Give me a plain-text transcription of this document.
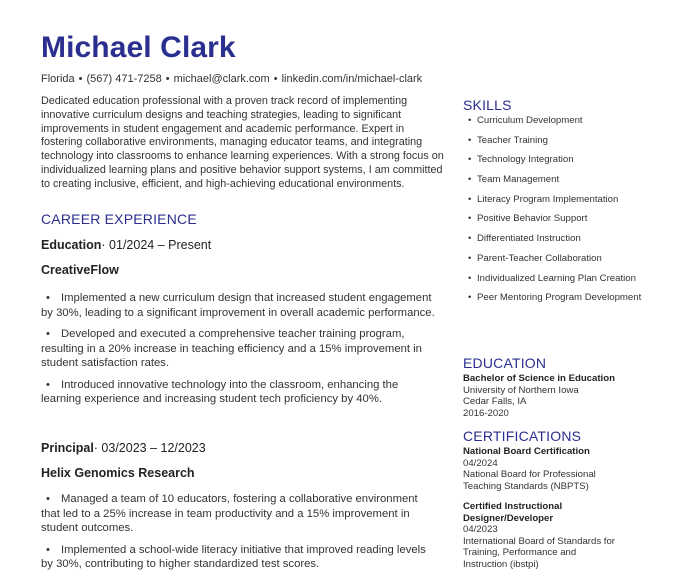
Michael Clark
Florida • (567) 471-7258 • michael@clark.com • linkedin.com/in/michael-clark

Dedicated education professional with a proven track record of implementing innovative curriculum designs and teaching strategies, leading to significant improvements in student engagement and academic performance. Expert in fostering collaborative environments, managing educator teams, and integrating technology into classrooms to enhance learning experiences. With a strong focus on individualized learning plans and positive behavior support systems, I am committed to creating inclusive, efficient, and high-achieving educational environments.

CAREER EXPERIENCE

Education· 01/2024 – Present

CreativeFlow

• Implemented a new curriculum design that increased student engagement by 30%, leading to a significant improvement in overall academic performance.
• Developed and executed a comprehensive teacher training program, resulting in a 20% increase in teaching efficiency and a 15% improvement in student satisfaction rates.
• Introduced innovative technology into the classroom, enhancing the learning experience and increasing student tech proficiency by 40%.

Principal· 03/2023 – 12/2023

Helix Genomics Research

• Managed a team of 10 educators, fostering a collaborative environment that led to a 25% increase in team productivity and a 15% improvement in student outcomes.
• Implemented a school-wide literacy initiative that improved reading levels by 30%, contributing to higher standardized test scores.
SKILLS
• Curriculum Development
• Teacher Training
• Technology Integration
• Team Management
• Literacy Program Implementation
• Positive Behavior Support
• Differentiated Instruction
• Parent-Teacher Collaboration
• Individualized Learning Plan Creation
• Peer Mentoring Program Development
EDUCATION
Bachelor of Science in Education
University of Northern Iowa
Cedar Falls, IA
2016-2020
CERTIFICATIONS
National Board Certification
04/2024
National Board for Professional Teaching Standards (NBPTS)
Certified Instructional Designer/Developer
04/2023
International Board of Standards for Training, Performance and Instruction (ibstpi)
